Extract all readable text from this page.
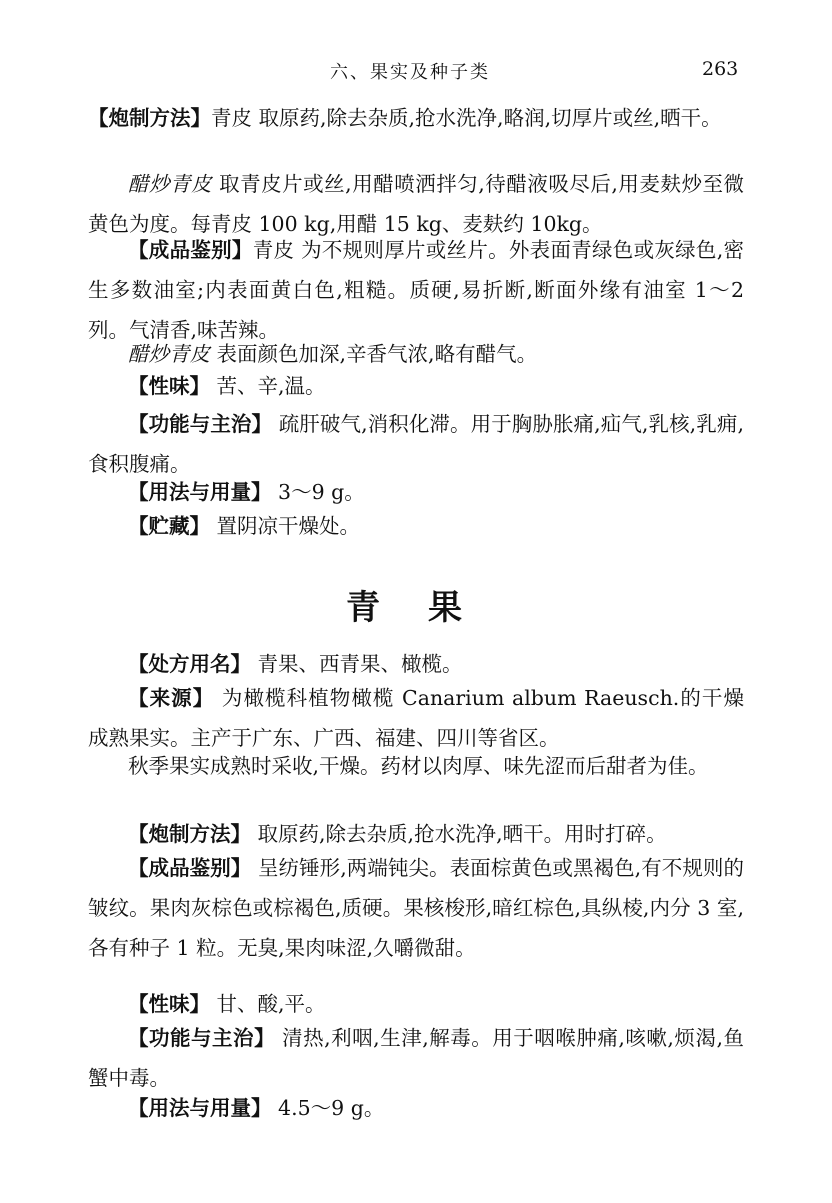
六、果实及种子类	263

【炮制方法】青皮 取原药,除去杂质,抢水洗净,略润,切厚片或丝,晒干。

醋炒青皮 取青皮片或丝,用醋喷洒拌匀,待醋液吸尽后,用麦麸炒至微黄色为度。每青皮 100 kg,用醋 15 kg、麦麸约 10kg。

【成品鉴别】青皮 为不规则厚片或丝片。外表面青绿色或灰绿色,密生多数油室;内表面黄白色,粗糙。质硬,易折断,断面外缘有油室 1～2 列。气清香,味苦辣。

醋炒青皮 表面颜色加深,辛香气浓,略有醋气。

【性味】 苦、辛,温。

【功能与主治】 疏肝破气,消积化滞。用于胸胁胀痛,疝气,乳核,乳痈,食积腹痛。

【用法与用量】 3～9 g。

【贮藏】 置阴凉干燥处。

青果

【处方用名】 青果、西青果、橄榄。

【来源】 为橄榄科植物橄榄 Canarium album Raeusch.的干燥成熟果实。主产于广东、广西、福建、四川等省区。

秋季果实成熟时采收,干燥。药材以肉厚、味先涩而后甜者为佳。

【炮制方法】 取原药,除去杂质,抢水洗净,晒干。用时打碎。

【成品鉴别】 呈纺锤形,两端钝尖。表面棕黄色或黑褐色,有不规则的皱纹。果肉灰棕色或棕褐色,质硬。果核梭形,暗红棕色,具纵棱,内分 3 室,各有种子 1 粒。无臭,果肉味涩,久嚼微甜。

【性味】 甘、酸,平。

【功能与主治】 清热,利咽,生津,解毒。用于咽喉肿痛,咳嗽,烦渴,鱼蟹中毒。

【用法与用量】 4.5～9 g。
